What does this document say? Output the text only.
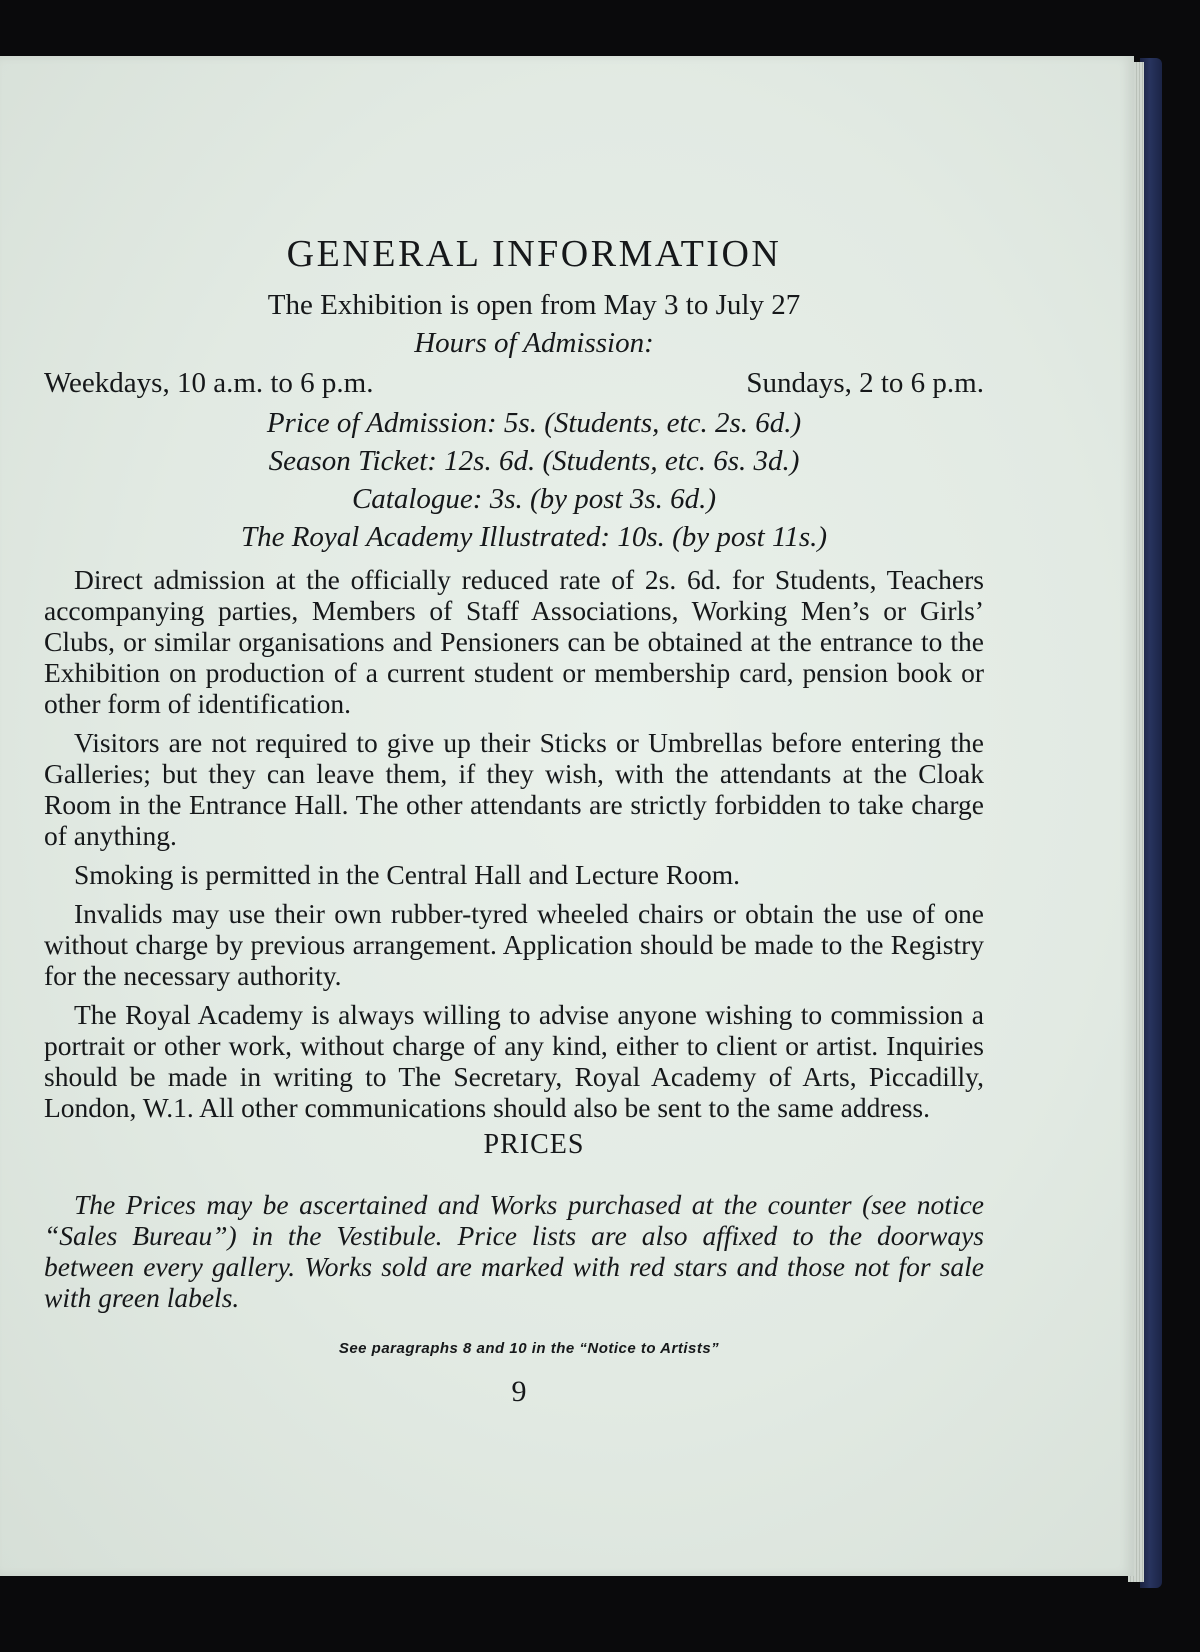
GENERAL INFORMATION
The Exhibition is open from May 3 to July 27
Hours of Admission:
Weekdays, 10 a.m. to 6 p.m.	Sundays, 2 to 6 p.m.
Price of Admission: 5s. (Students, etc. 2s. 6d.)
Season Ticket: 12s. 6d. (Students, etc. 6s. 3d.)
Catalogue: 3s. (by post 3s. 6d.)
The Royal Academy Illustrated: 10s. (by post 11s.)

Direct admission at the officially reduced rate of 2s. 6d. for Students, Teachers accompanying parties, Members of Staff Associations, Working Men’s or Girls’ Clubs, or similar organisations and Pensioners can be obtained at the entrance to the Exhibition on production of a current student or membership card, pension book or other form of identification.

Visitors are not required to give up their Sticks or Umbrellas before entering the Galleries; but they can leave them, if they wish, with the attendants at the Cloak Room in the Entrance Hall. The other attendants are strictly forbidden to take charge of anything.

Smoking is permitted in the Central Hall and Lecture Room.

Invalids may use their own rubber-tyred wheeled chairs or obtain the use of one without charge by previous arrangement. Application should be made to the Registry for the necessary authority.

The Royal Academy is always willing to advise anyone wishing to commission a portrait or other work, without charge of any kind, either to client or artist. Inquiries should be made in writing to The Secretary, Royal Academy of Arts, Piccadilly, London, W.1. All other communications should also be sent to the same address.

PRICES

The Prices may be ascertained and Works purchased at the counter (see notice “Sales Bureau”) in the Vestibule. Price lists are also affixed to the doorways between every gallery. Works sold are marked with red stars and those not for sale with green labels.

See paragraphs 8 and 10 in the “Notice to Artists”
9
